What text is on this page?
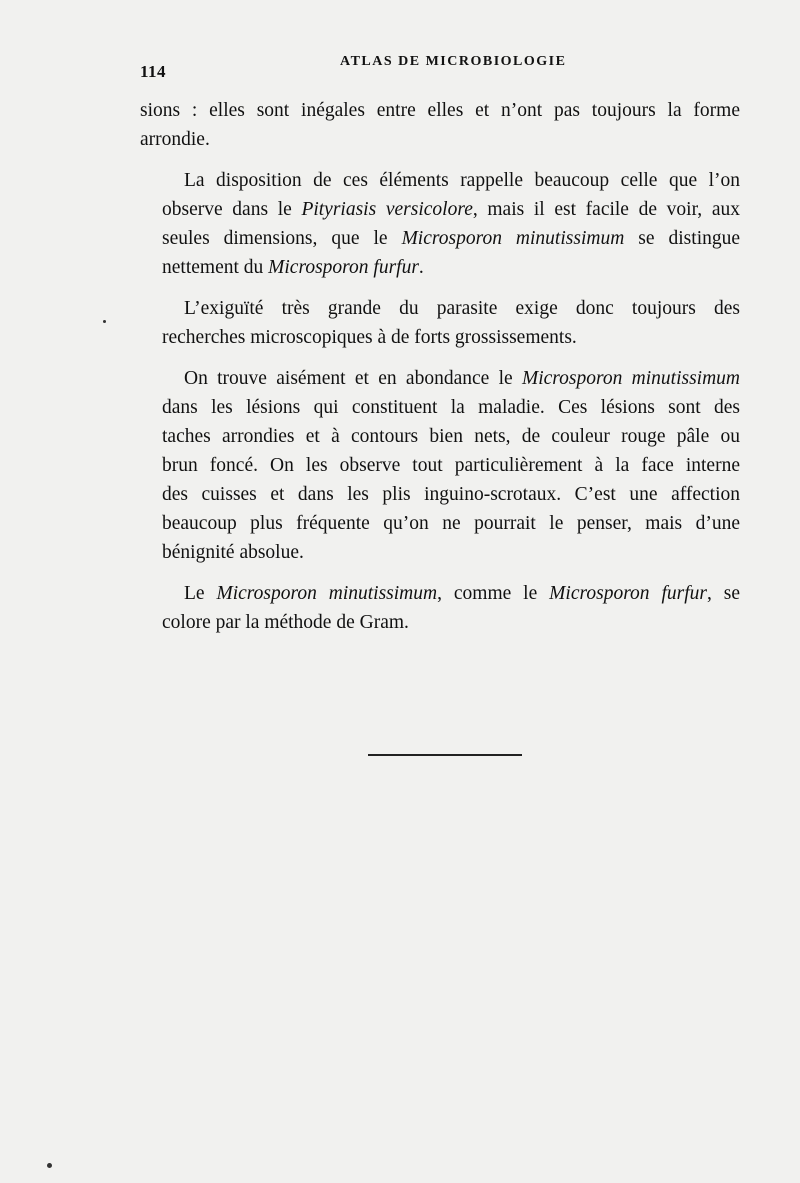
114
ATLAS DE MICROBIOLOGIE

sions : elles sont inégales entre elles et n’ont pas toujours la forme
arrondie.

La disposition de ces éléments rappelle beaucoup celle que l’on
observe dans le Pityriasis versicolore, mais il est facile de voir, aux
seules dimensions, que le Microsporon minutissimum se distingue
nettement du Microsporon furfur.

L’exiguïté très grande du parasite exige donc toujours des
recherches microscopiques à de forts grossissements.

On trouve aisément et en abondance le Microsporon minutissimum
dans les lésions qui constituent la maladie. Ces lésions sont des
taches arrondies et à contours bien nets, de couleur rouge pâle ou
brun foncé. On les observe tout particulièrement à la face interne
des cuisses et dans les plis inguino-scrotaux. C’est une affection
beaucoup plus fréquente qu’on ne pourrait le penser, mais d’une
bénignité absolue.

Le Microsporon minutissimum, comme le Microsporon furfur, se
colore par la méthode de Gram.
